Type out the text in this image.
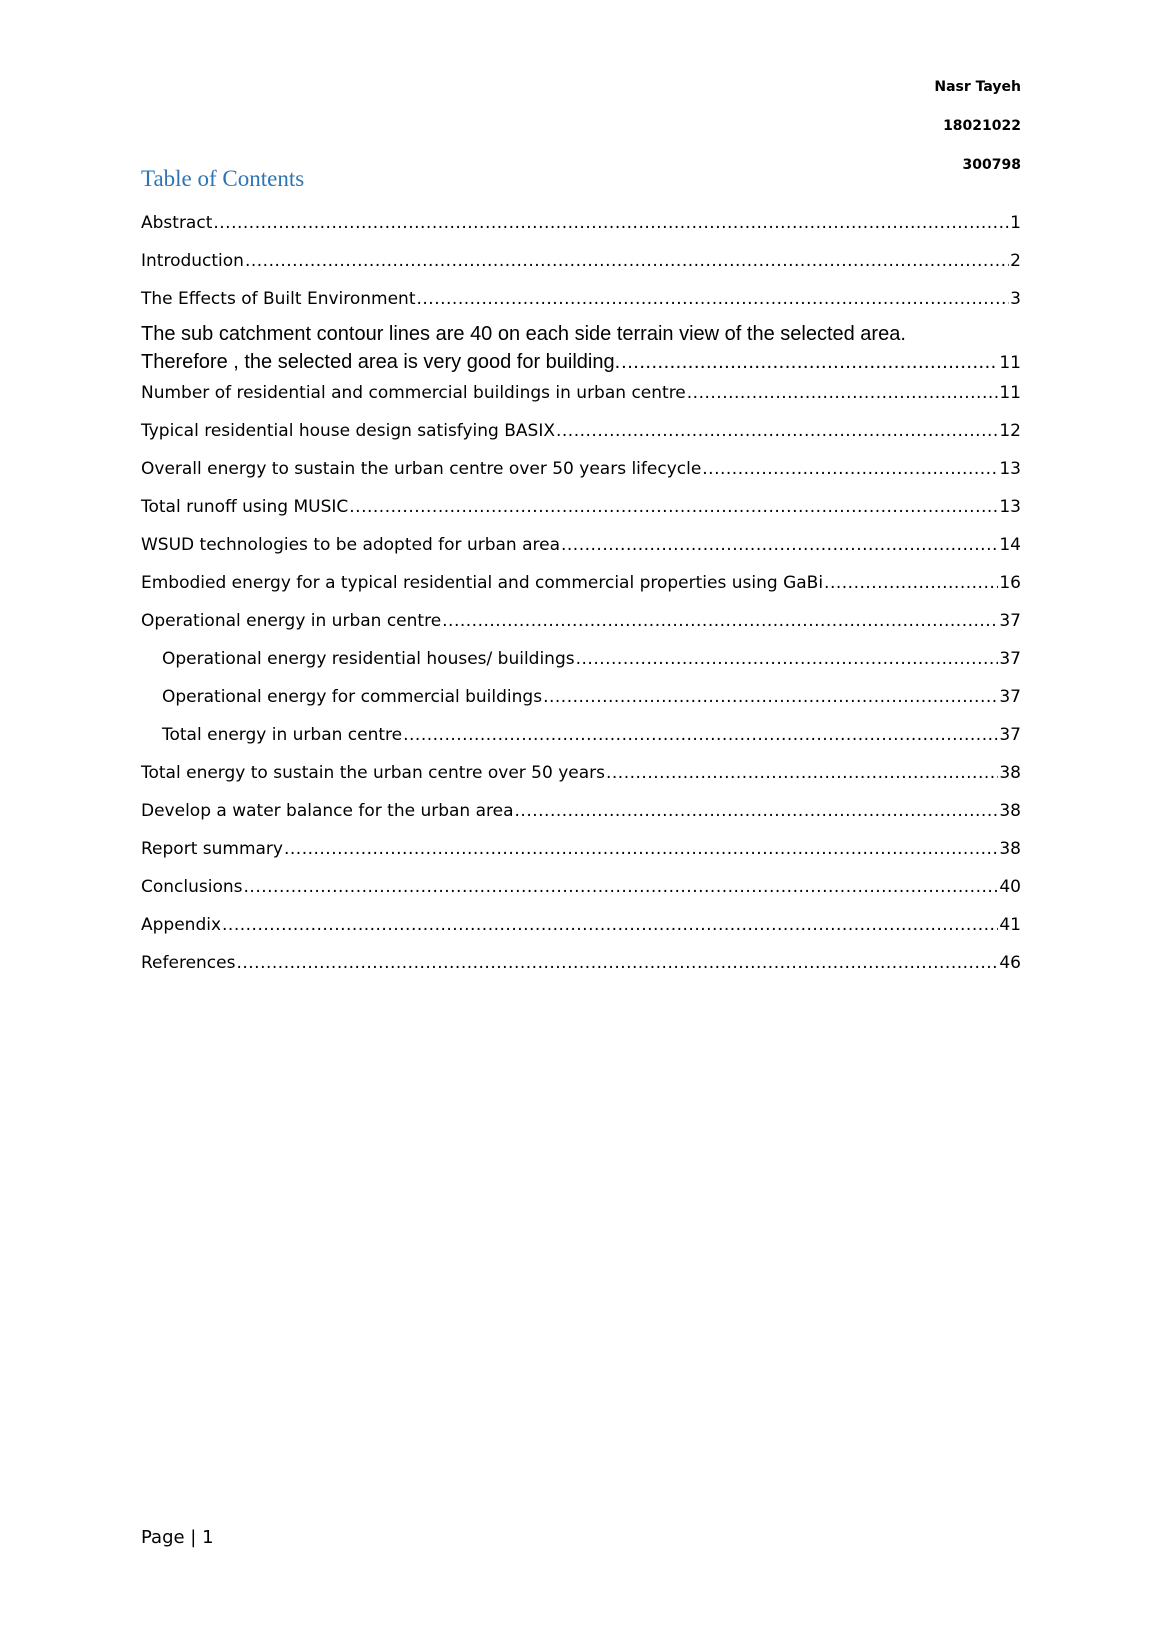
Nasr Tayeh
18021022
300798
Table of Contents
Abstract .....	1
Introduction .....	2
The Effects of Built Environment .....	3
The sub catchment contour lines are 40 on each side terrain view of the selected area.
Therefore , the selected area is very good for building. .....	11
Number of residential and commercial buildings in urban centre .....	11
Typical residential house design satisfying BASIX .....	12
Overall energy to sustain the urban centre over 50 years lifecycle .....	13
Total runoff using MUSIC .....	13
WSUD technologies to be adopted for urban area .....	14
Embodied energy for a typical residential and commercial properties using GaBi .....	16
Operational energy in urban centre .....	37
Operational energy residential houses/ buildings .....	37
Operational energy for commercial buildings .....	37
Total energy in urban centre .....	37
Total energy to sustain the urban centre over 50 years .....	38
Develop a water balance for the urban area .....	38
Report summary .....	38
Conclusions .....	40
Appendix .....	41
References .....	46
Page | 1
